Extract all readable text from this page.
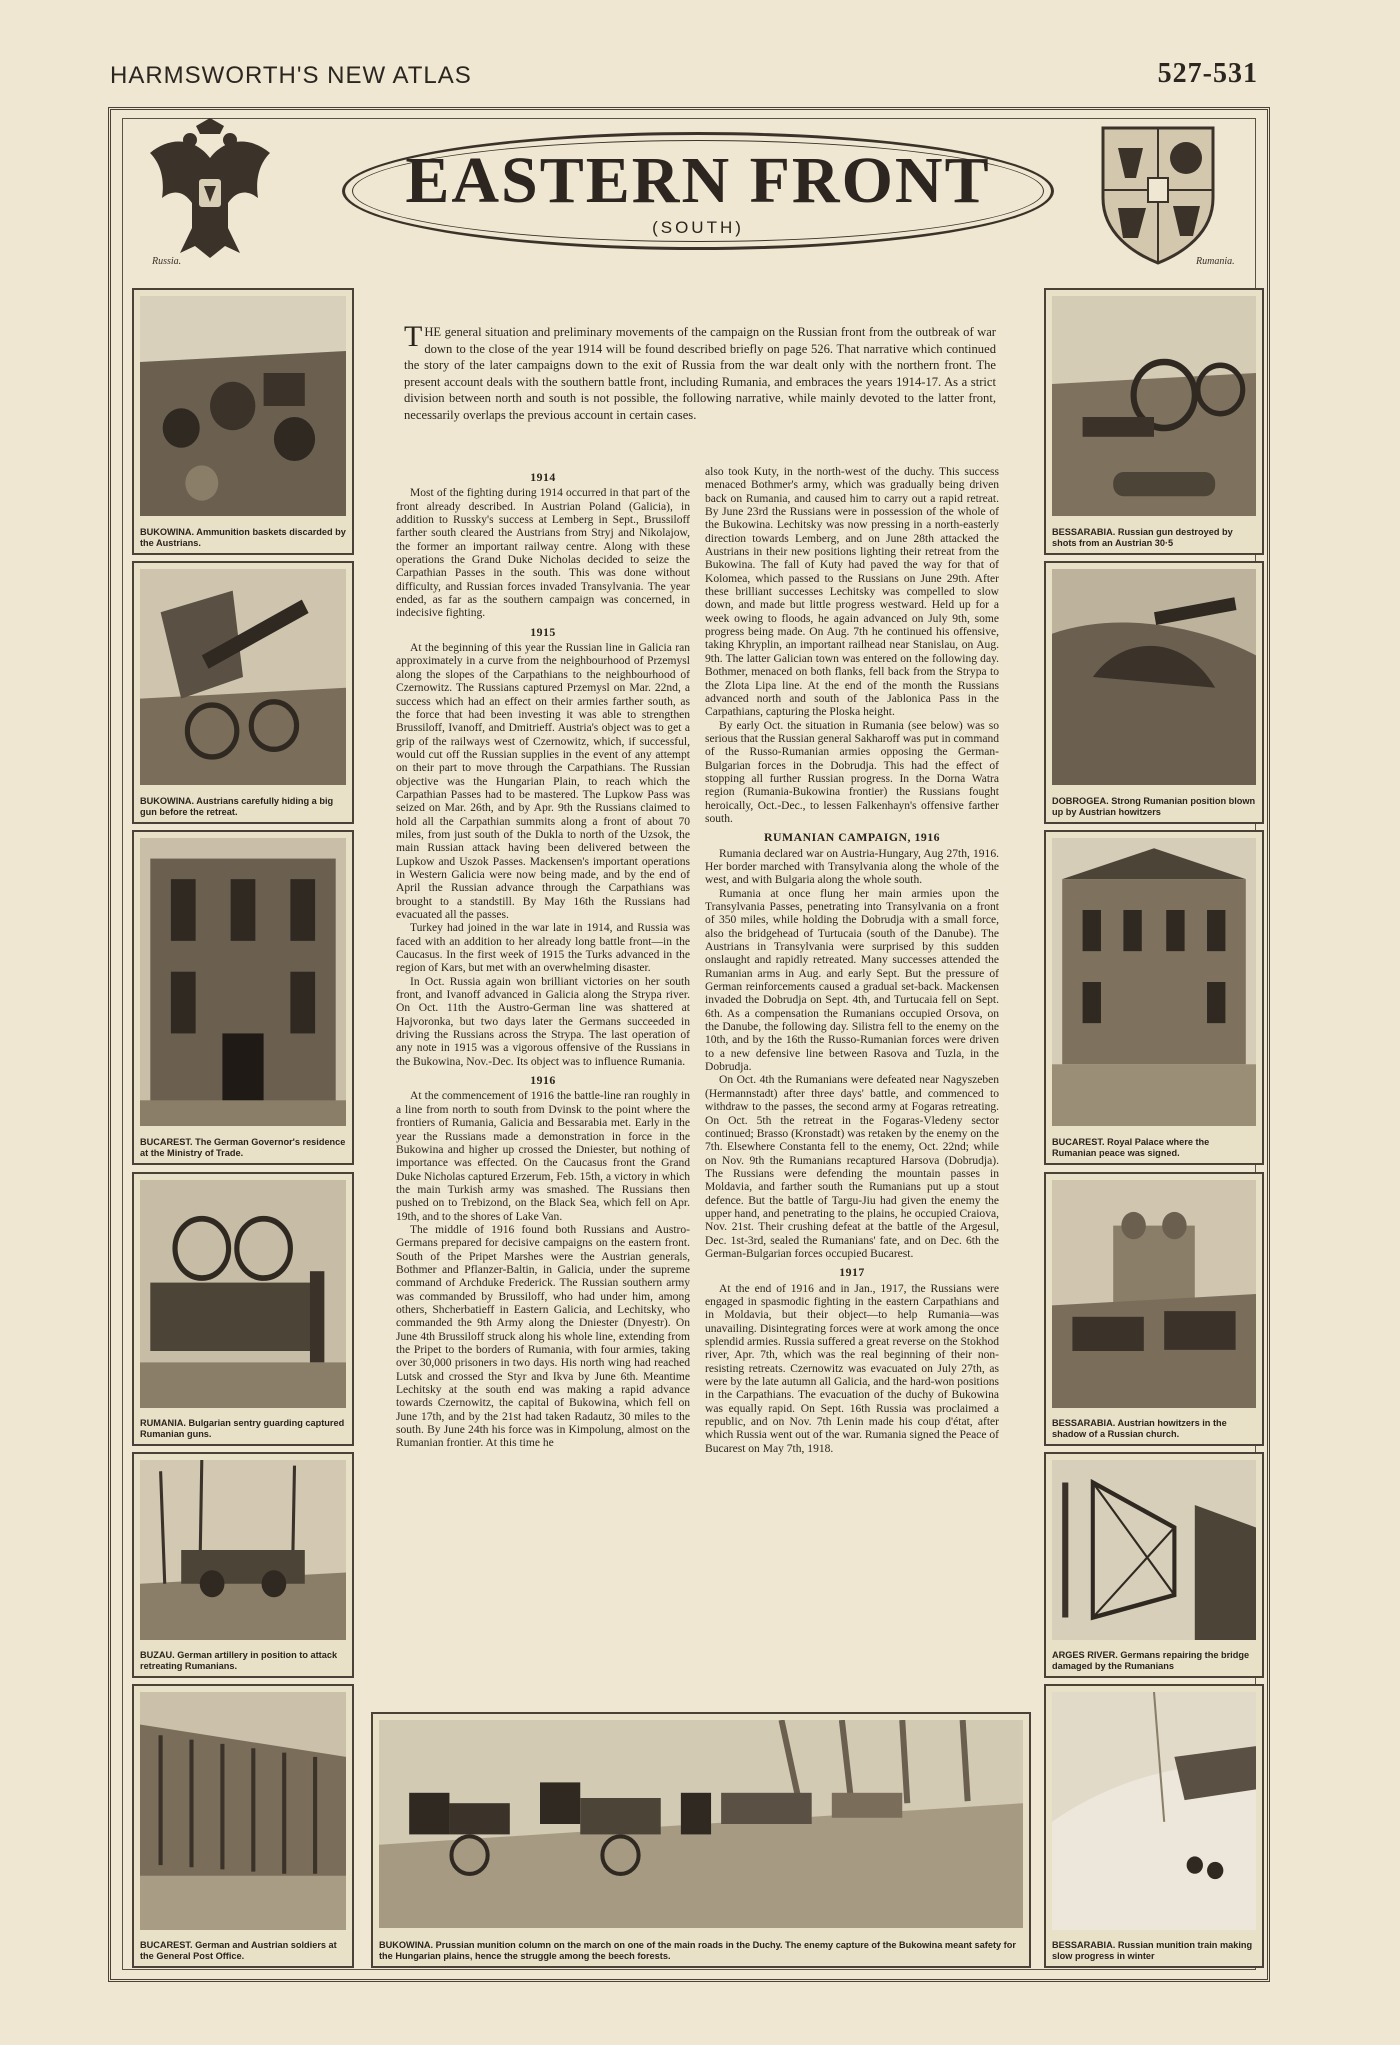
HARMSWORTH'S NEW ATLAS	527-531
Russia.
EASTERN FRONT
(SOUTH)
Rumania.
BUKOWINA. Ammunition baskets discarded by the Austrians.
BUKOWINA. Austrians carefully hiding a big gun before the retreat.
BUCAREST. The German Governor's residence at the Ministry of Trade.
RUMANIA. Bulgarian sentry guarding captured Rumanian guns.
BUZAU. German artillery in position to attack retreating Rumanians.
BUCAREST. German and Austrian soldiers at the General Post Office.
BESSARABIA. Russian gun destroyed by shots from an Austrian 30·5
DOBROGEA. Strong Rumanian position blown up by Austrian howitzers
BUCAREST. Royal Palace where the Rumanian peace was signed.
BESSARABIA. Austrian howitzers in the shadow of a Russian church.
ARGES RIVER. Germans repairing the bridge damaged by the Rumanians
BESSARABIA. Russian munition train making slow progress in winter
BUKOWINA. Prussian munition column on the march on one of the main roads in the Duchy. The enemy capture of the Bukowina meant safety for the Hungarian plains, hence the struggle among the beech forests.
THE general situation and preliminary movements of the campaign on the Russian front from the outbreak of war down to the close of the year 1914 will be found described briefly on page 526. That narrative which continued the story of the later campaigns down to the exit of Russia from the war dealt only with the northern front. The present account deals with the southern battle front, including Rumania, and embraces the years 1914-17. As a strict division between north and south is not possible, the following narrative, while mainly devoted to the latter front, necessarily overlaps the previous account in certain cases.
1914

Most of the fighting during 1914 occurred in that part of the front already described. In Austrian Poland (Galicia), in addition to Russky's success at Lemberg in Sept., Brussiloff farther south cleared the Austrians from Stryj and Nikolajow, the former an important railway centre. Along with these operations the Grand Duke Nicholas decided to seize the Carpathian Passes in the south. This was done without difficulty, and Russian forces invaded Transylvania. The year ended, as far as the southern campaign was concerned, in indecisive fighting.

1915

At the beginning of this year the Russian line in Galicia ran approximately in a curve from the neighbourhood of Przemysl along the slopes of the Carpathians to the neighbourhood of Czernowitz. The Russians captured Przemysl on Mar. 22nd, a success which had an effect on their armies farther south, as the force that had been investing it was able to strengthen Brussiloff, Ivanoff, and Dmitrieff. Austria's object was to get a grip of the railways west of Czernowitz, which, if successful, would cut off the Russian supplies in the event of any attempt on their part to move through the Carpathians. The Russian objective was the Hungarian Plain, to reach which the Carpathian Passes had to be mastered. The Lupkow Pass was seized on Mar. 26th, and by Apr. 9th the Russians claimed to hold all the Carpathian summits along a front of about 70 miles, from just south of the Dukla to north of the Uzsok, the main Russian attack having been delivered between the Lupkow and Uszok Passes. Mackensen's important operations in Western Galicia were now being made, and by the end of April the Russian advance through the Carpathians was brought to a standstill. By May 16th the Russians had evacuated all the passes.

Turkey had joined in the war late in 1914, and Russia was faced with an addition to her already long battle front—in the Caucasus. In the first week of 1915 the Turks advanced in the region of Kars, but met with an overwhelming disaster.

In Oct. Russia again won brilliant victories on her south front, and Ivanoff advanced in Galicia along the Strypa river. On Oct. 11th the Austro-German line was shattered at Hajvoronka, but two days later the Germans succeeded in driving the Russians across the Strypa. The last operation of any note in 1915 was a vigorous offensive of the Russians in the Bukowina, Nov.-Dec. Its object was to influence Rumania.

1916

At the commencement of 1916 the battle-line ran roughly in a line from north to south from Dvinsk to the point where the frontiers of Rumania, Galicia and Bessarabia met. Early in the year the Russians made a demonstration in force in the Bukowina and higher up crossed the Dniester, but nothing of importance was effected. On the Caucasus front the Grand Duke Nicholas captured Erzerum, Feb. 15th, a victory in which the main Turkish army was smashed. The Russians then pushed on to Trebizond, on the Black Sea, which fell on Apr. 19th, and to the shores of Lake Van.

The middle of 1916 found both Russians and Austro-Germans prepared for decisive campaigns on the eastern front. South of the Pripet Marshes were the Austrian generals, Bothmer and Pflanzer-Baltin, in Galicia, under the supreme command of Archduke Frederick. The Russian southern army was commanded by Brussiloff, who had under him, among others, Shcherbatieff in Eastern Galicia, and Lechitsky, who commanded the 9th Army along the Dniester (Dnyestr). On June 4th Brussiloff struck along his whole line, extending from the Pripet to the borders of Rumania, with four armies, taking over 30,000 prisoners in two days. His north wing had reached Lutsk and crossed the Styr and Ikva by June 6th. Meantime Lechitsky at the south end was making a rapid advance towards Czernowitz, the capital of Bukowina, which fell on June 17th, and by the 21st had taken Radautz, 30 miles to the south. By June 24th his force was in Kimpolung, almost on the Rumanian frontier. At this time he

also took Kuty, in the north-west of the duchy. This success menaced Bothmer's army, which was gradually being driven back on Rumania, and caused him to carry out a rapid retreat. By June 23rd the Russians were in possession of the whole of the Bukowina. Lechitsky was now pressing in a north-easterly direction towards Lemberg, and on June 28th attacked the Austrians in their new positions lighting their retreat from the Bukowina. The fall of Kuty had paved the way for that of Kolomea, which passed to the Russians on June 29th. After these brilliant successes Lechitsky was compelled to slow down, and made but little progress westward. Held up for a week owing to floods, he again advanced on July 9th, some progress being made. On Aug. 7th he continued his offensive, taking Khryplin, an important railhead near Stanislau, on Aug. 9th. The latter Galician town was entered on the following day. Bothmer, menaced on both flanks, fell back from the Strypa to the Zlota Lipa line. At the end of the month the Russians advanced north and south of the Jablonica Pass in the Carpathians, capturing the Ploska height.

By early Oct. the situation in Rumania (see below) was so serious that the Russian general Sakharoff was put in command of the Russo-Rumanian armies opposing the German-Bulgarian forces in the Dobrudja. This had the effect of stopping all further Russian progress. In the Dorna Watra region (Rumania-Bukowina frontier) the Russians fought heroically, Oct.-Dec., to lessen Falkenhayn's offensive farther south.

RUMANIAN CAMPAIGN, 1916

Rumania declared war on Austria-Hungary, Aug 27th, 1916. Her border marched with Transylvania along the whole of the west, and with Bulgaria along the whole south.

Rumania at once flung her main armies upon the Transylvania Passes, penetrating into Transylvania on a front of 350 miles, while holding the Dobrudja with a small force, also the bridgehead of Turtucaia (south of the Danube). The Austrians in Transylvania were surprised by this sudden onslaught and rapidly retreated. Many successes attended the Rumanian arms in Aug. and early Sept. But the pressure of German reinforcements caused a gradual set-back. Mackensen invaded the Dobrudja on Sept. 4th, and Turtucaia fell on Sept. 6th. As a compensation the Rumanians occupied Orsova, on the Danube, the following day. Silistra fell to the enemy on the 10th, and by the 16th the Russo-Rumanian forces were driven to a new defensive line between Rasova and Tuzla, in the Dobrudja.

On Oct. 4th the Rumanians were defeated near Nagyszeben (Hermannstadt) after three days' battle, and commenced to withdraw to the passes, the second army at Fogaras retreating. On Oct. 5th the retreat in the Fogaras-Vledeny sector continued; Brasso (Kronstadt) was retaken by the enemy on the 7th. Elsewhere Constanta fell to the enemy, Oct. 22nd; while on Nov. 9th the Rumanians recaptured Harsova (Dobrudja). The Russians were defending the mountain passes in Moldavia, and farther south the Rumanians put up a stout defence. But the battle of Targu-Jiu had given the enemy the upper hand, and penetrating to the plains, he occupied Craiova, Nov. 21st. Their crushing defeat at the battle of the Argesul, Dec. 1st-3rd, sealed the Rumanians' fate, and on Dec. 6th the German-Bulgarian forces occupied Bucarest.

1917

At the end of 1916 and in Jan., 1917, the Russians were engaged in spasmodic fighting in the eastern Carpathians and in Moldavia, but their object—to help Rumania—was unavailing. Disintegrating forces were at work among the once splendid armies. Russia suffered a great reverse on the Stokhod river, Apr. 7th, which was the real beginning of their non-resisting retreats. Czernowitz was evacuated on July 27th, as were by the late autumn all Galicia, and the hard-won positions in the Carpathians. The evacuation of the duchy of Bukowina was equally rapid. On Sept. 16th Russia was proclaimed a republic, and on Nov. 7th Lenin made his coup d'état, after which Russia went out of the war. Rumania signed the Peace of Bucarest on May 7th, 1918.
